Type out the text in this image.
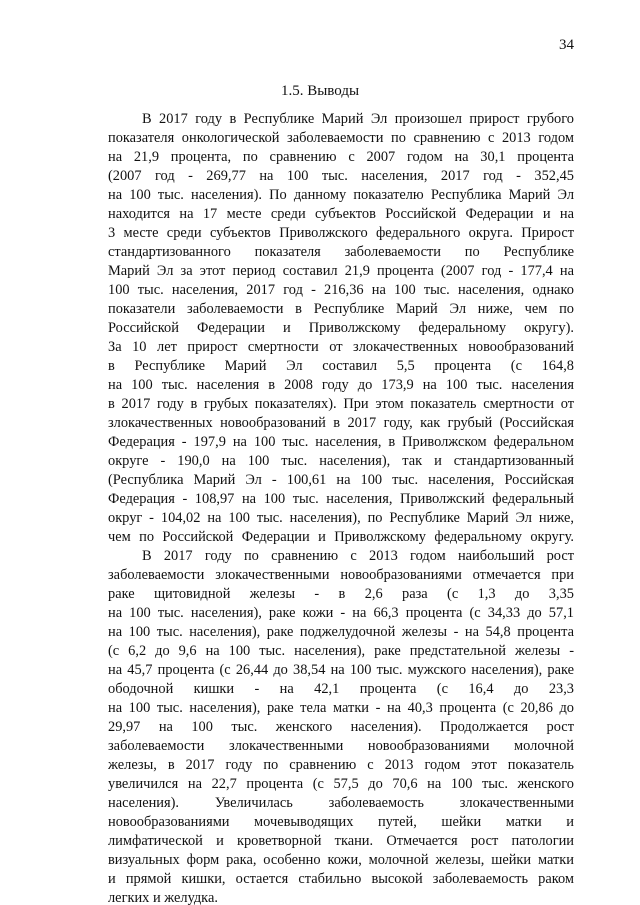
34
1.5. Выводы
В 2017 году в Республике Марий Эл произошел прирост грубого
показателя онкологической заболеваемости по сравнению с 2013 годом
на 21,9 процента, по сравнению с 2007 годом на 30,1 процента
(2007 год - 269,77 на 100 тыс. населения, 2017 год - 352,45
на 100 тыс. населения). По данному показателю Республика Марий Эл
находится на 17 месте среди субъектов Российской Федерации и на
3 месте среди субъектов Приволжского федерального округа. Прирост
стандартизованного показателя заболеваемости по Республике
Марий Эл за этот период составил 21,9 процента (2007 год - 177,4 на
100 тыс. населения, 2017 год - 216,36 на 100 тыс. населения, однако
показатели заболеваемости в Республике Марий Эл ниже, чем по
Российской Федерации и Приволжскому федеральному округу).
За 10 лет прирост смертности от злокачественных новообразований
в Республике Марий Эл составил 5,5 процента (с 164,8
на 100 тыс. населения в 2008 году до 173,9 на 100 тыс. населения
в 2017 году в грубых показателях). При этом показатель смертности от
злокачественных новообразований в 2017 году, как грубый (Российская
Федерация - 197,9 на 100 тыс. населения, в Приволжском федеральном
округе - 190,0 на 100 тыс. населения), так и стандартизованный
(Республика Марий Эл - 100,61 на 100 тыс. населения, Российская
Федерация - 108,97 на 100 тыс. населения, Приволжский федеральный
округ - 104,02 на 100 тыс. населения), по Республике Марий Эл ниже,
чем по Российской Федерации и Приволжскому федеральному округу.
В 2017 году по сравнению с 2013 годом наибольший рост
заболеваемости злокачественными новообразованиями отмечается при
раке щитовидной железы - в 2,6 раза (с 1,3 до 3,35
на 100 тыс. населения), раке кожи - на 66,3 процента (с 34,33 до 57,1
на 100 тыс. населения), раке поджелудочной железы - на 54,8 процента
(с 6,2 до 9,6 на 100 тыс. населения), раке предстательной железы -
на 45,7 процента (с 26,44 до 38,54 на 100 тыс. мужского населения), раке
ободочной кишки - на 42,1 процента (с 16,4 до 23,3
на 100 тыс. населения), раке тела матки - на 40,3 процента (с 20,86 до
29,97 на 100 тыс. женского населения). Продолжается рост
заболеваемости злокачественными новообразованиями молочной
железы, в 2017 году по сравнению с 2013 годом этот показатель
увеличился на 22,7 процента (с 57,5 до 70,6 на 100 тыс. женского
населения). Увеличилась заболеваемость злокачественными
новообразованиями мочевыводящих путей, шейки матки и
лимфатической и кроветворной ткани. Отмечается рост патологии
визуальных форм рака, особенно кожи, молочной железы, шейки матки
и прямой кишки, остается стабильно высокой заболеваемость раком
легких и желудка.
